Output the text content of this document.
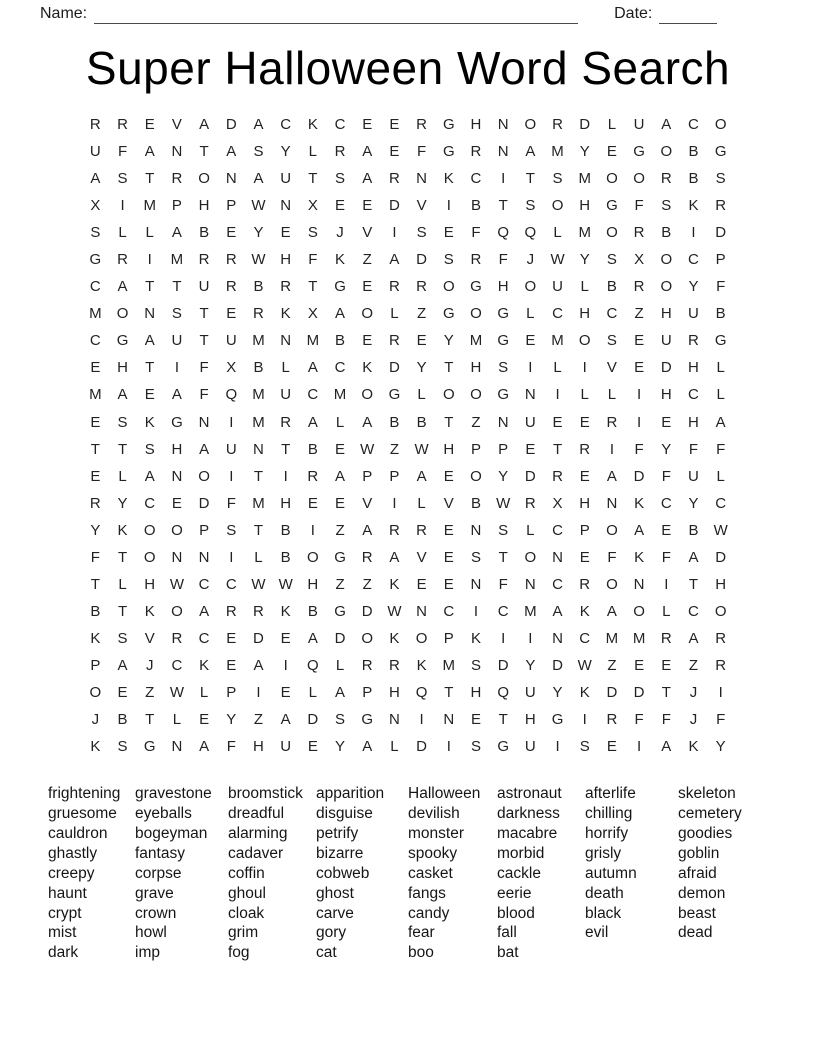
Name:	Date:
Super Halloween Word Search
R	R	E	V	A	D	A	C	K	C	E	E	R	G	H	N	O	R	D	L	U	A	C	O
U	F	A	N	T	A	S	Y	L	R	A	E	F	G	R	N	A	M	Y	E	G	O	B	G
A	S	T	R	O	N	A	U	T	S	A	R	N	K	C	I	T	S	M	O	O	R	B	S
X	I	M	P	H	P	W N	X	E	E	D	V	I	B	T	S	O	H	G	F	S	K	R
S	L	L	A	B	E	Y	E	S	J	V	I	S	E	F	Q	Q	L	M	O	R	B	I	D
G	R	I	M	R	R W H	F	K	Z	A	D	S	R	F	J	W	Y	S	X	O	C	P
C	A	T	T	U	R	B	R	T	G	E	R	R	O	G	H	O	U	L	B	R	O	Y	F
M	O	N	S	T	E	R	K	X	A	O	L	Z	G	O	G	L	C	H	C	Z	H	U	B
C	G	A	U	T	U	M	N	M	B	E	R	E	Y	M	G	E	M	O	S	E	U	R	G
E	H	T	I	F	X	B	L	A	C	K	D	Y	T	H	S	I	L	I	V	E	D	H	L
M	A	E	A	F	Q	M	U	C	M	O	G	L	O	O	G	N	I	L	L	I	H	C	L
E	S	K	G	N	I	M	R	A	L	A	B	B	T	Z	N	U	E	E	R	I	E	H	A
T	T	S	H	A	U	N	T	B	E	W	Z	W H	P	P	E	T	R	I	F	Y	F	F
E	L	A	N	O	I	T	I	R	A	P	P	A	E	O	Y	D	R	E	A	D	F	U	L
R	Y	C	E	D	F	M	H	E	E	V	I	L	V	B	W R	X	H	N	K	C	Y	C
Y	K	O	O	P	S	T	B	I	Z	A	R	R	E	N	S	L	C	P	O	A	E	B	W
F	T	O	N	N	I	L	B	O	G	R	A	V	E	S	T	O	N	E	F	K	F	A	D
T	L	H W C	C W W H	Z	Z	K	E	E	N	F	N	C	R	O	N	I	T	H
B	T	K	O	A	R	R	K	B	G	D W N	C	I	C	M	A	K	A	O	L	C	O
K	S	V	R	C	E	D	E	A	D	O	K	O	P	K	I	I	N	C	M M	R	A	R
P	A	J	C	K	E	A	I	Q	L	R	R	K	M	S	D	Y	D W	Z	E	E	Z	R
O	E	Z	W	L	P	I	E	L	A	P	H	Q	T	H	Q	U	Y	K	D	D	T	J	I
J	B	T	L	E	Y	Z	A	D	S	G	N	I	N	E	T	H	G	I	R	F	F	J	F
K	S	G	N	A	F	H	U	E	Y	A	L	D	I	S	G	U	I	S	E	I	A	K	Y
frightening
gruesome
cauldron
ghastly
creepy
haunt
crypt
mist
dark
gravestone
eyeballs
bogeyman
fantasy
corpse
grave
crown
howl
imp
broomstick
dreadful
alarming
cadaver
coffin
ghoul
cloak
grim
fog
apparition
disguise
petrify
bizarre
cobweb
ghost
carve
gory
cat
Halloween
devilish
monster
spooky
casket
fangs
candy
fear
boo
astronaut
darkness
macabre
morbid
cackle
eerie
blood
fall
bat
afterlife
chilling
horrify
grisly
autumn
death
black
evil
skeleton
cemetery
goodies
goblin
afraid
demon
beast
dead
